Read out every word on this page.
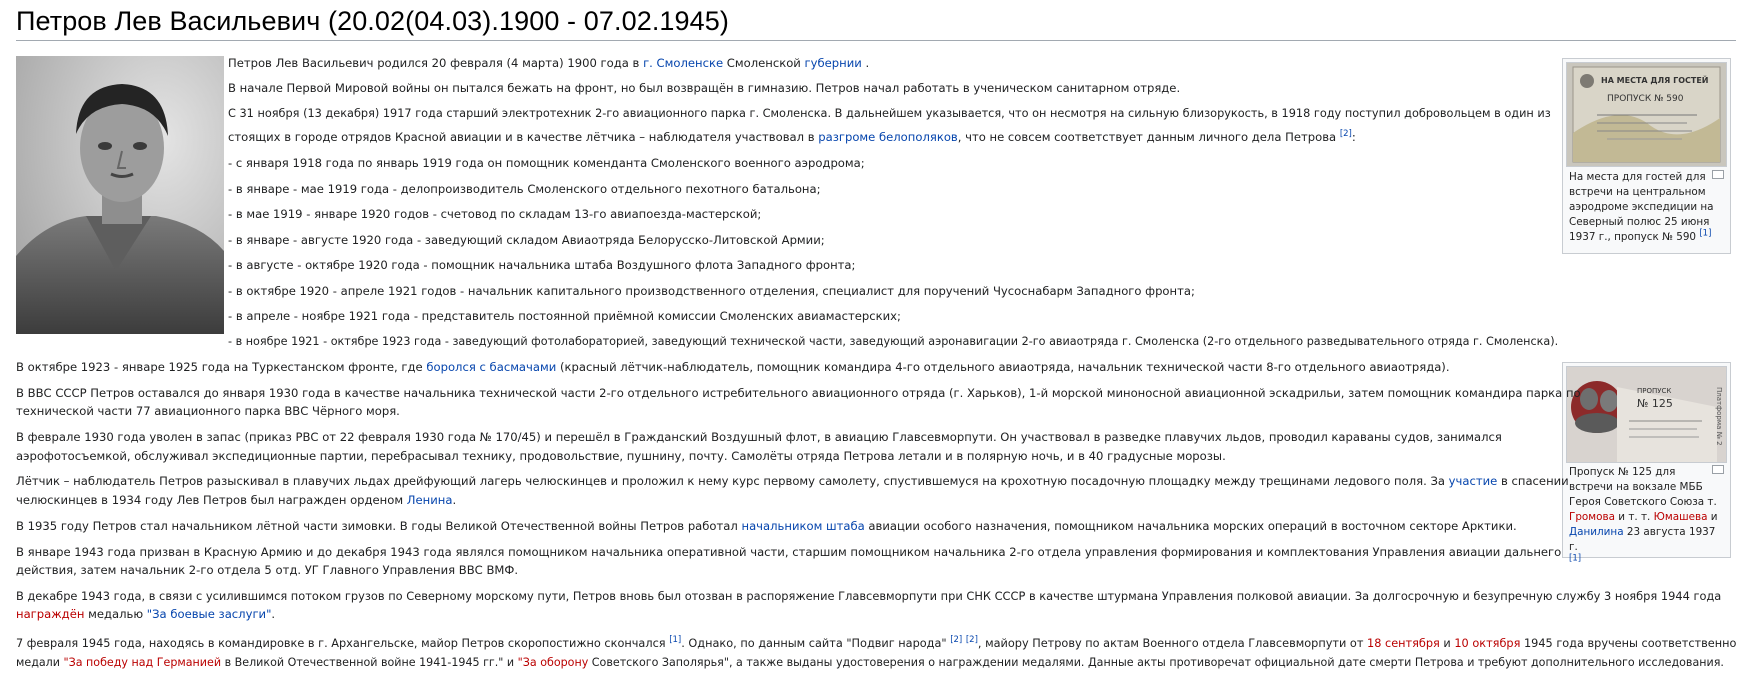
Петров Лев Васильевич (20.02(04.03).1900 - 07.02.1945)
НА МЕСТА ДЛЯ ГОСТЕЙ
ПРОПУСК № 590

На места для гостей для
встречи на центральном
аэродроме экспедиции на
Северный полюс 25 июня
1937 г., пропуск № 590 [1]

ПРОПУСК
№ 125	Платформа № 2

Пропуск № 125 для
встречи на вокзале МББ
Героя Советского Союза т.
Громова и т. т. Юмашева и
Данилина 23 августа 1937 г.
[1]

Петров Лев Васильевич родился 20 февраля (4 марта) 1900 года в г. Смоленске Смоленской губернии .

В начале Первой Мировой войны он пытался бежать на фронт, но был возвращён в гимназию. Петров начал работать в ученическом санитарном отряде.

С 31 ноября (13 декабря) 1917 года старший электротехник 2-го авиационного парка г. Смоленска. В дальнейшем указывается, что он несмотря на сильную близорукость, в 1918 году поступил добровольцем в один из

стоящих в городе отрядов Красной авиации и в качестве лётчика – наблюдателя участвовал в разгроме белополяков, что не совсем соответствует данным личного дела Петрова [2]:

- с января 1918 года по январь 1919 года он помощник коменданта Смоленского военного аэродрома;

- в январе - мае 1919 года - делопроизводитель Смоленского отдельного пехотного батальона;

- в мае 1919 - январе 1920 годов - счетовод по складам 13-го авиапоезда-мастерской;

- в январе - августе 1920 года - заведующий складом Авиаотряда Белорусско-Литовской Армии;

- в августе - октябре 1920 года - помощник начальника штаба Воздушного флота Западного фронта;

- в октябре 1920 - апреле 1921 годов - начальник капитального производственного отделения, специалист для поручений Чусоснабарм Западного фронта;

- в апреле - ноябре 1921 года - представитель постоянной приёмной комиссии Смоленских авиамастерских;

- в ноябре 1921 - октябре 1923 года - заведующий фотолабораторией, заведующий технической части, заведующий аэронавигации 2-го авиаотряда г. Смоленска (2-го отдельного разведывательного отряда г. Смоленска).

В октябре 1923 - январе 1925 года на Туркестанском фронте, где боролся с басмачами (красный лётчик-наблюдатель, помощник командира 4-го отдельного авиаотряда, начальник технической части 8-го отдельного авиаотряда).

В ВВС СССР Петров оставался до января 1930 года в качестве начальника технической части 2-го отдельного истребительного авиационного отряда (г. Харьков), 1-й морской миноносной авиационной эскадрильи, затем помощник командира парка по

технической части 77 авиационного парка ВВС Чёрного моря.

В феврале 1930 года уволен в запас (приказ РВС от 22 февраля 1930 года № 170/45) и перешёл в Гражданский Воздушный флот, в авиацию Главсевморпути. Он участвовал в разведке плавучих льдов, проводил караваны судов, занимался

аэрофотосъемкой, обслуживал экспедиционные партии, перебрасывал технику, продовольствие, пушнину, почту. Самолёты отряда Петрова летали и в полярную ночь, и в 40 градусные морозы.

Лётчик – наблюдатель Петров разыскивал в плавучих льдах дрейфующий лагерь челюскинцев и проложил к нему курс первому самолету, спустившемуся на крохотную посадочную площадку между трещинами ледового поля. За участие в спасении

челюскинцев в 1934 году Лев Петров был награжден орденом Ленина.

В 1935 году Петров стал начальником лётной части зимовки. В годы Великой Отечественной войны Петров работал начальником штаба авиации особого назначения, помощником начальника морских операций в восточном секторе Арктики.

В январе 1943 года призван в Красную Армию и до декабря 1943 года являлся помощником начальника оперативной части, старшим помощником начальника 2-го отдела управления формирования и комплектования Управления авиации дальнего

действия, затем начальник 2-го отдела 5 отд. УГ Главного Управления ВВС ВМФ.

В декабре 1943 года, в связи с усилившимся потоком грузов по Северному морскому пути, Петров вновь был отозван в распоряжение Главсевморпути при СНК СССР в качестве штурмана Управления полковой авиации. За долгосрочную и безупречную службу 3 ноября 1944 года

награждён медалью "За боевые заслуги".

7 февраля 1945 года, находясь в командировке в г. Архангельске, майор Петров скоропостижно скончался [1]. Однако, по данным сайта "Подвиг народа" [2] [2], майору Петрову по актам Военного отдела Главсевморпути от 18 сентября и 10 октября 1945 года вручены соответственно

медали "За победу над Германией в Великой Отечественной войне 1941-1945 гг." и "За оборону Советского Заполярья", а также выданы удостоверения о награждении медалями. Данные акты противоречат официальной дате смерти Петрова и требуют дополнительного исследования.
